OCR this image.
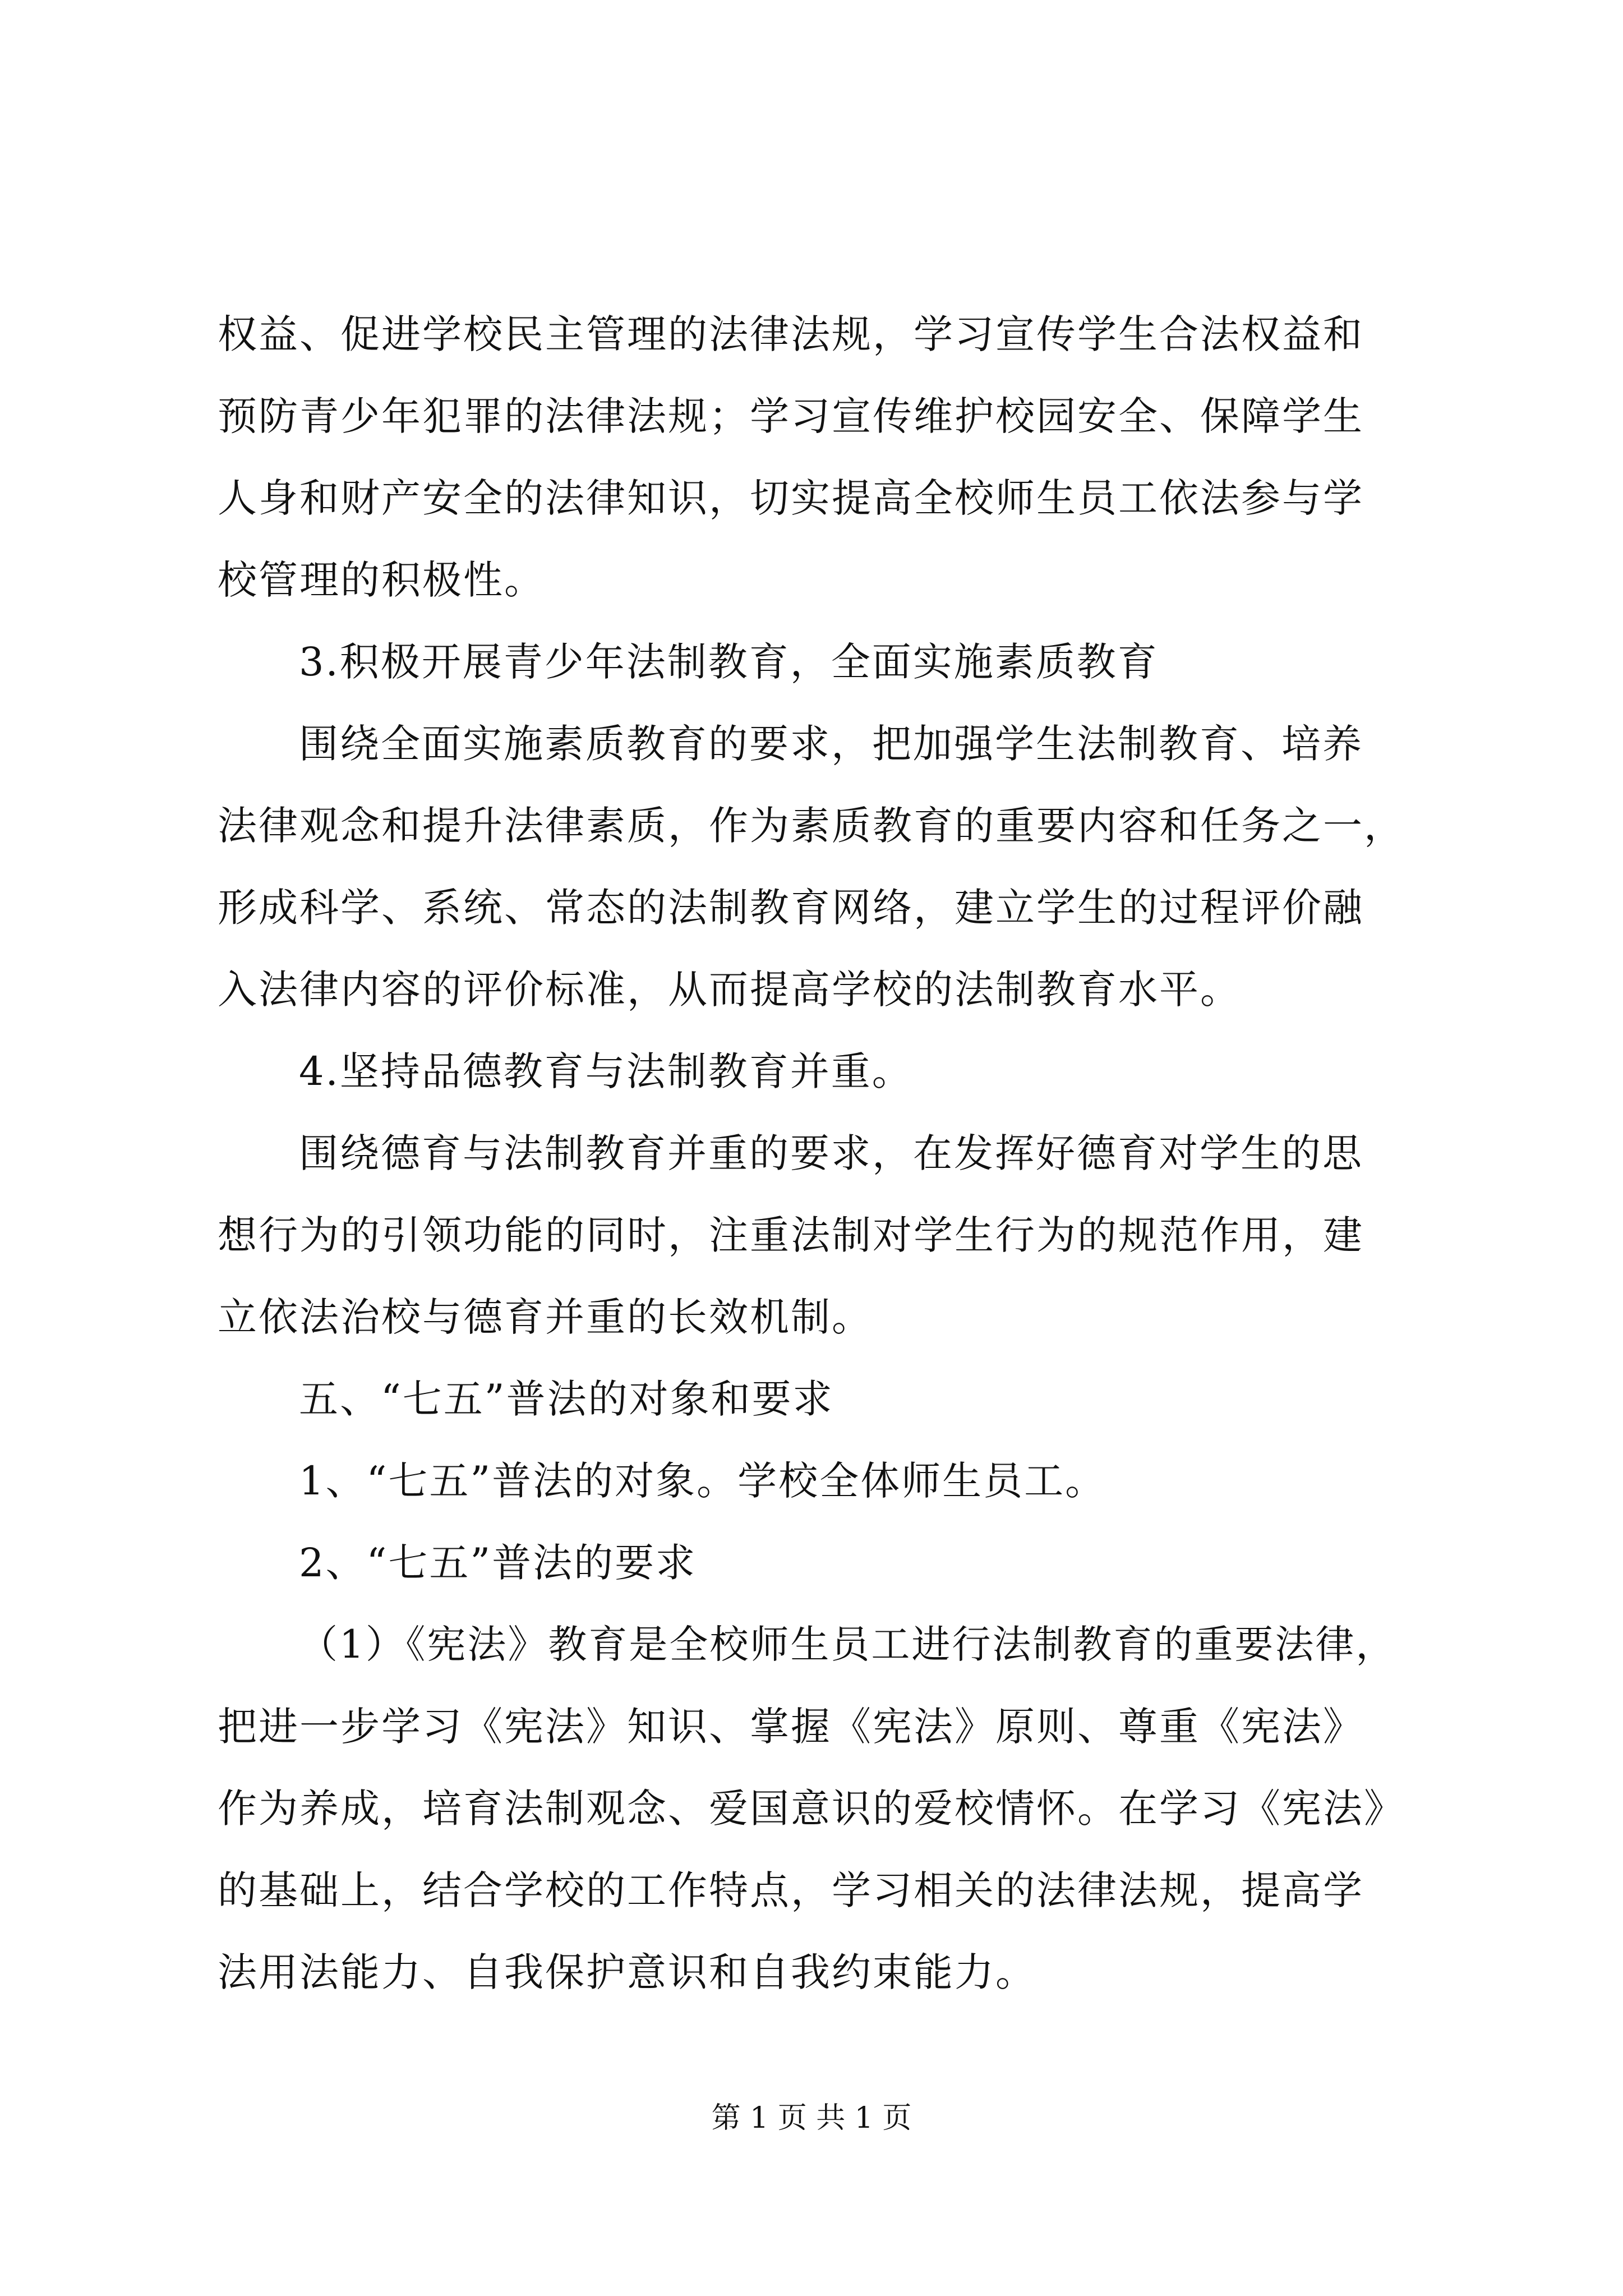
权益、促进学校民主管理的法律法规，学习宣传学生合法权益和
预防青少年犯罪的法律法规；学习宣传维护校园安全、保障学生
人身和财产安全的法律知识，切实提高全校师生员工依法参与学
校管理的积极性。
3.积极开展青少年法制教育，全面实施素质教育
围绕全面实施素质教育的要求，把加强学生法制教育、培养
法律观念和提升法律素质，作为素质教育的重要内容和任务之一，
形成科学、系统、常态的法制教育网络，建立学生的过程评价融
入法律内容的评价标准，从而提高学校的法制教育水平。
4.坚持品德教育与法制教育并重。
围绕德育与法制教育并重的要求，在发挥好德育对学生的思
想行为的引领功能的同时，注重法制对学生行为的规范作用，建
立依法治校与德育并重的长效机制。
五、“七五”普法的对象和要求
1、“七五”普法的对象。学校全体师生员工。
2、“七五”普法的要求
（1）《宪法》教育是全校师生员工进行法制教育的重要法律，
把进一步学习《宪法》知识、掌握《宪法》原则、尊重《宪法》
作为养成，培育法制观念、爱国意识的爱校情怀。在学习《宪法》
的基础上，结合学校的工作特点，学习相关的法律法规，提高学
法用法能力、自我保护意识和自我约束能力。
第 1 页 共 1 页
